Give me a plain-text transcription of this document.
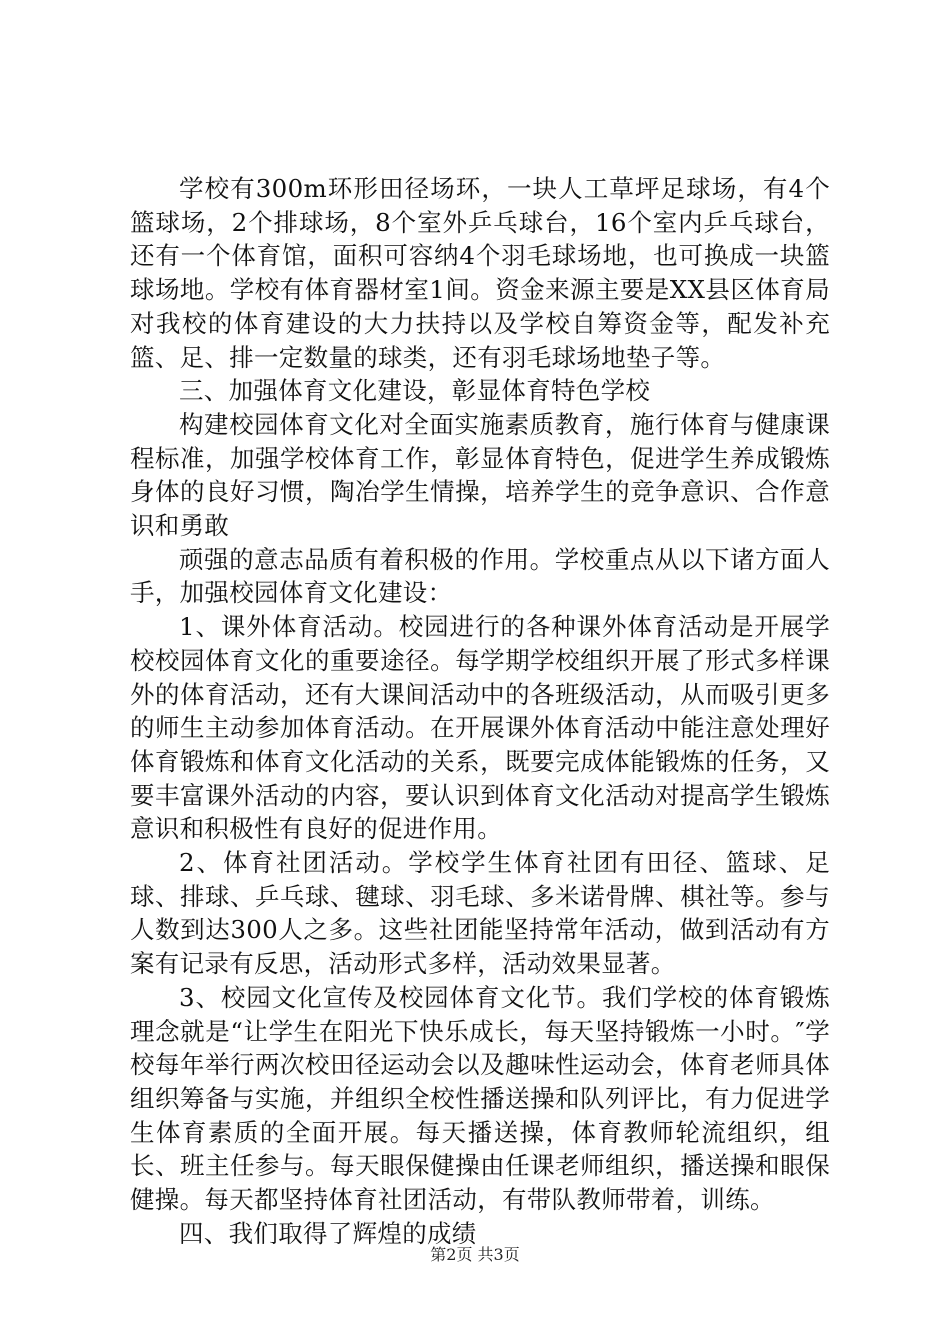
学校有300m环形田径场环，一块人工草坪足球场，有4个篮球场，2个排球场，8个室外乒乓球台，16个室内乒乓球台，还有一个体育馆，面积可容纳4个羽毛球场地，也可换成一块篮球场地。学校有体育器材室1间。资金来源主要是XX县区体育局对我校的体育建设的大力扶持以及学校自筹资金等，配发补充篮、足、排一定数量的球类，还有羽毛球场地垫子等。

三、加强体育文化建设，彰显体育特色学校

构建校园体育文化对全面实施素质教育，施行体育与健康课程标准，加强学校体育工作，彰显体育特色，促进学生养成锻炼身体的良好习惯，陶冶学生情操，培养学生的竞争意识、合作意识和勇敢

顽强的意志品质有着积极的作用。学校重点从以下诸方面人手，加强校园体育文化建设：

1、课外体育活动。校园进行的各种课外体育活动是开展学校校园体育文化的重要途径。每学期学校组织开展了形式多样课外的体育活动，还有大课间活动中的各班级活动，从而吸引更多的师生主动参加体育活动。在开展课外体育活动中能注意处理好体育锻炼和体育文化活动的关系，既要完成体能锻炼的任务，又要丰富课外活动的内容，要认识到体育文化活动对提高学生锻炼意识和积极性有良好的促进作用。

2、体育社团活动。学校学生体育社团有田径、篮球、足球、排球、乒乓球、毽球、羽毛球、多米诺骨牌、棋社等。参与人数到达300人之多。这些社团能坚持常年活动，做到活动有方案有记录有反思，活动形式多样，活动效果显著。

3、校园文化宣传及校园体育文化节。我们学校的体育锻炼理念就是“让学生在阳光下快乐成长，每天坚持锻炼一小时。″学校每年举行两次校田径运动会以及趣味性运动会，体育老师具体组织筹备与实施，并组织全校性播送操和队列评比，有力促进学生体育素质的全面开展。每天播送操，体育教师轮流组织，组长、班主任参与。每天眼保健操由任课老师组织，播送操和眼保健操。每天都坚持体育社团活动，有带队教师带着，训练。

四、我们取得了辉煌的成绩

第2页 共3页
